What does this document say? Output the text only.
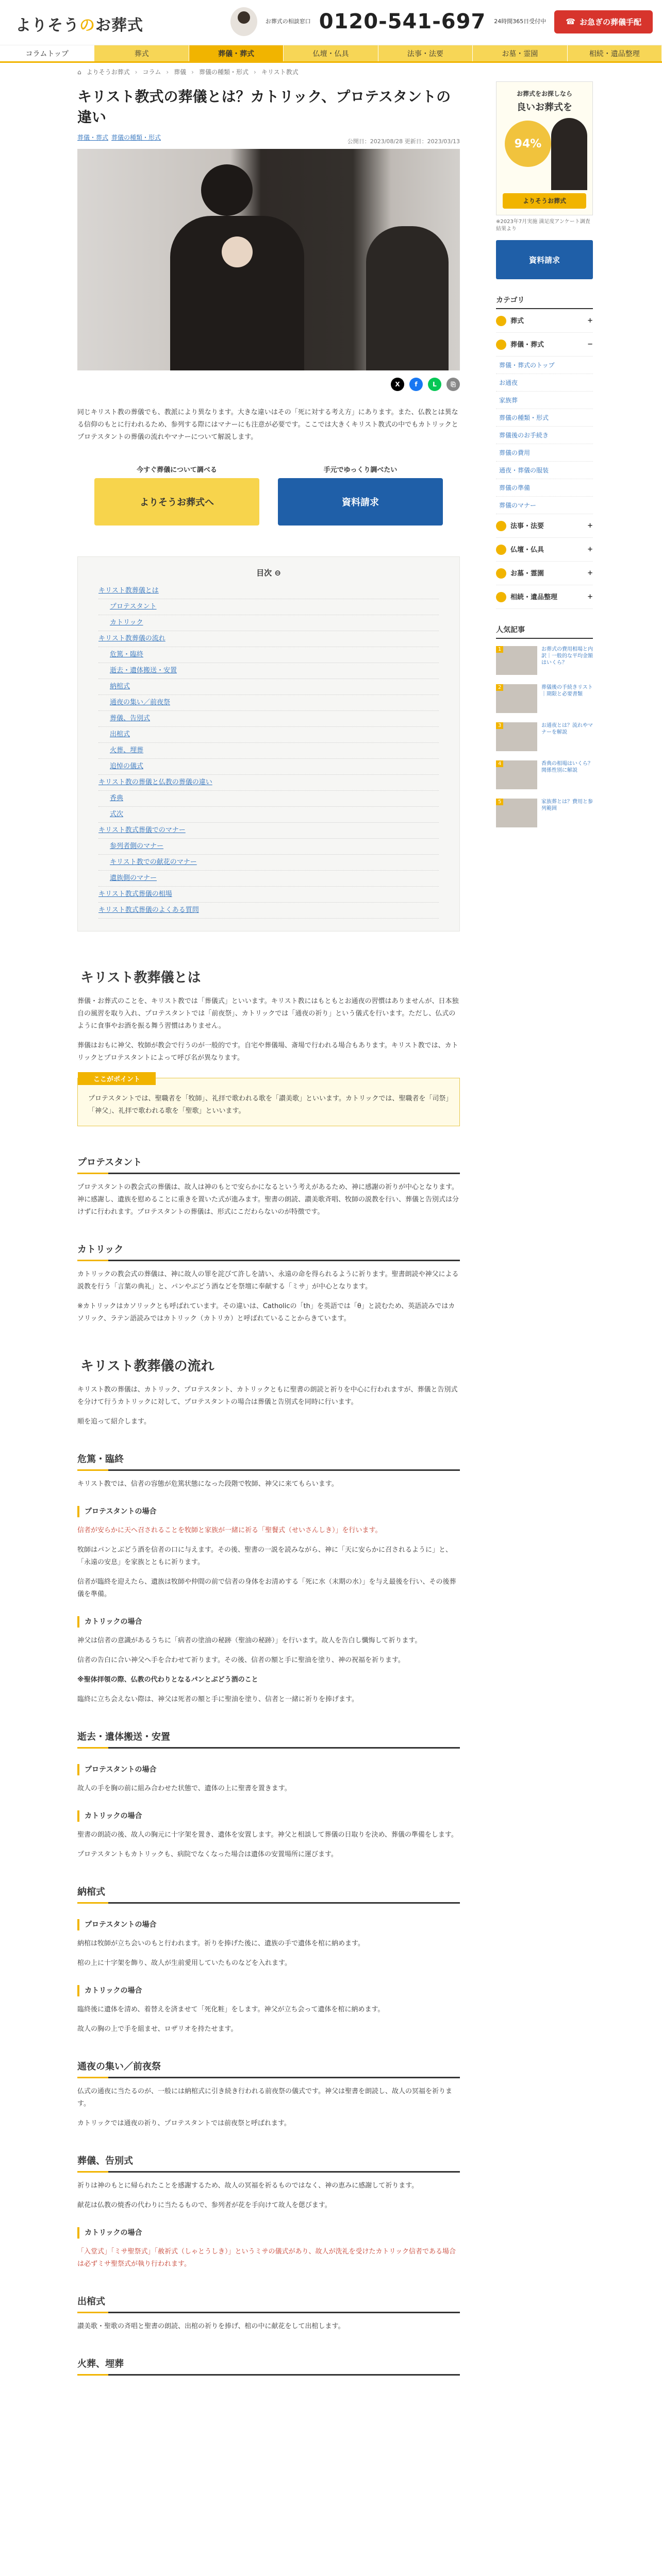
よりそうのお葬式	お葬式の相談窓口 0120-541-697 24時間365日受付中	☎ お急ぎの葬儀手配
コラムトップ	葬式	葬儀・葬式	仏壇・仏具	法事・法要	お墓・霊園	相続・遺品整理
⌂ よりそうお葬式 › コラム › 葬儀 › 葬儀の種類・形式 › キリスト教式
キリスト教式の葬儀とは？カトリック、プロテスタントの違い
葬儀・葬式 葬儀の種類・形式
公開日：2023/08/28 更新日：2023/03/13
X	f	L	⎘
同じキリスト教の葬儀でも、教派により異なります。大きな違いはその「死に対する考え方」にあります。また、仏教とは異なる信仰のもとに行われるため、参列する際にはマナーにも注意が必要です。ここでは大きくキリスト教式の中でもカトリックとプロテスタントの葬儀の流れやマナーについて解説します。
今すぐ葬儀について調べる
よりそうお葬式へ
手元でゆっくり調べたい
資料請求
目次 ⊖
キリスト教葬儀とは
プロテスタント
カトリック
キリスト教葬儀の流れ
危篤・臨終
逝去・遺体搬送・安置
納棺式
通夜の集い／前夜祭
葬儀、告別式
出棺式
火葬、埋葬
追悼の儀式
キリスト教の葬儀と仏教の葬儀の違い
香典
式次
キリスト教式葬儀でのマナー
参列者側のマナー
キリスト教での献花のマナー
遺族側のマナー
キリスト教式葬儀の相場
キリスト教式葬儀のよくある質問
キリスト教葬儀とは
葬儀・お葬式のことを、キリスト教では「葬儀式」といいます。キリスト教にはもともとお通夜の習慣はありませんが、日本独自の風習を取り入れ、プロテスタントでは「前夜祭」、カトリックでは「通夜の祈り」という儀式を行います。ただし、仏式のように食事やお酒を振る舞う習慣はありません。
葬儀はおもに神父、牧師が教会で行うのが一般的です。自宅や葬儀場、斎場で行われる場合もあります。キリスト教では、カトリックとプロテスタントによって呼び名が異なります。
ここがポイント
プロテスタントでは、聖職者を「牧師」、礼拝で歌われる歌を「讃美歌」といいます。カトリックでは、聖職者を「司祭」「神父」、礼拝で歌われる歌を「聖歌」といいます。
プロテスタント
プロテスタントの教会式の葬儀は、故人は神のもとで安らかになるという考えがあるため、神に感謝の祈りが中心となります。神に感謝し、遺族を慰めることに重きを置いた式が進みます。聖書の朗読、讃美歌斉唱、牧師の説教を行い、葬儀と告別式は分けずに行われます。プロテスタントの葬儀は、形式にこだわらないのが特徴です。
カトリック
カトリックの教会式の葬儀は、神に故人の罪を詫びて許しを請い、永遠の命を得られるように祈ります。聖書朗読や神父による説教を行う「言葉の典礼」と、パンやぶどう酒などを祭壇に奉献する「ミサ」が中心となります。
※カトリックはカソリックとも呼ばれています。その違いは、Catholicの「th」を英語では「θ」と読むため、英語読みではカソリック、ラテン語読みではカトリック（カトリカ）と呼ばれていることからきています。
キリスト教葬儀の流れ
キリスト教の葬儀は、カトリック、プロテスタント、カトリックともに聖書の朗読と祈りを中心に行われますが、葬儀と告別式を分けて行うカトリックに対して、プロテスタントの場合は葬儀と告別式を同時に行います。
順を追って紹介します。
危篤・臨終
キリスト教では、信者の容態が危篤状態になった段階で牧師、神父に来てもらいます。
プロテスタントの場合
信者が安らかに天へ召されることを牧師と家族が一緒に祈る「聖餐式（せいさんしき）」を行います。
牧師はパンとぶどう酒を信者の口に与えます。その後、聖書の一説を読みながら、神に「天に安らかに召されるように」と、「永遠の安息」を家族とともに祈ります。
信者が臨終を迎えたら、遺族は牧師や仲間の前で信者の身体をお清めする「死に水（末期の水）」を与え最後を行い、その後葬儀を準備。
カトリックの場合
神父は信者の意識があるうちに「病者の塗油の秘跡（聖油の秘跡）」を行います。故人を告白し懺悔して祈ります。
信者の告白に合い神父へ手を合わせて祈ります。その後、信者の額と手に聖油を塗り、神の祝福を祈ります。
※聖体拝領の際、仏教の代わりとなるパンとぶどう酒のこと
臨終に立ち会えない際は、神父は死者の額と手に聖油を塗り、信者と一緒に祈りを捧げます。
逝去・遺体搬送・安置
プロテスタントの場合
故人の手を胸の前に組み合わせた状態で、遺体の上に聖書を置きます。
カトリックの場合
聖書の朗読の後、故人の胸元に十字架を置き、遺体を安置します。神父と相談して葬儀の日取りを決め、葬儀の準備をします。
プロテスタントもカトリックも、病院でなくなった場合は遺体の安置場所に運びます。
納棺式
プロテスタントの場合
納棺は牧師が立ち会いのもと行われます。祈りを捧げた後に、遺族の手で遺体を棺に納めます。
棺の上に十字架を飾り、故人が生前愛用していたものなどを入れます。
カトリックの場合
臨終後に遺体を清め、着替えを済ませて「死化粧」をします。神父が立ち会って遺体を棺に納めます。
故人の胸の上で手を組ませ、ロザリオを持たせます。
通夜の集い／前夜祭
仏式の通夜に当たるのが、一般には納棺式に引き続き行われる前夜祭の儀式です。神父は聖書を朗読し、故人の冥福を祈ります。
カトリックでは通夜の祈り、プロテスタントでは前夜祭と呼ばれます。
葬儀、告別式
祈りは神のもとに帰られたことを感謝するため、故人の冥福を祈るものではなく、神の恵みに感謝して祈ります。
献花は仏教の焼香の代わりに当たるもので、参列者が花を手向けて故人を偲びます。
カトリックの場合
「入堂式」「ミサ聖祭式」「赦祈式（しゃとうしき）」というミサの儀式があり、故人が洗礼を受けたカトリック信者である場合は必ずミサ聖祭式が執り行われます。
出棺式
讃美歌・聖歌の斉唱と聖書の朗読、出棺の祈りを捧げ、棺の中に献花をして出棺します。
火葬、埋葬
お葬式をお探しなら
良いお葬式を
94%
よりそうお葬式
※2023年7月実施 満足度アンケート調査結果より
資料請求
カテゴリ
葬式	+
葬儀・葬式	−
葬儀・葬式のトップ
お通夜
家族葬
葬儀の種類・形式
葬儀後のお手続き
葬儀の費用
通夜・葬儀の服装
葬儀の準備
葬儀のマナー
法事・法要	+
仏壇・仏具	+
お墓・霊園	+
相続・遺品整理	+
人気記事
1	お葬式の費用相場と内訳｜一般的な平均金額はいくら？
2	葬儀後の手続きリスト｜期限と必要書類
3	お通夜とは？流れやマナーを解説
4	香典の相場はいくら？関係性別に解説
5	家族葬とは？費用と参列範囲
